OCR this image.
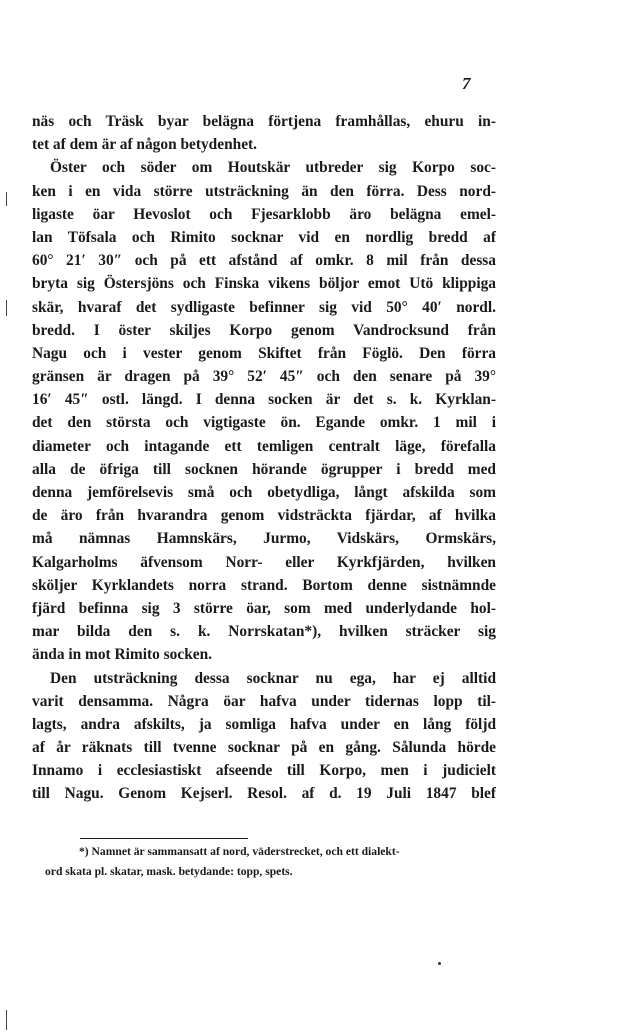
7
näs och Träsk byar belägna förtjena framhållas, ehuru in-
tet af dem är af någon betydenhet.
Öster och söder om Houtskär utbreder sig Korpo soc-
ken i en vida större utsträckning än den förra. Dess nord-
ligaste öar Hevoslot och Fjesarklobb äro belägna emel-
lan Töfsala och Rimito socknar vid en nordlig bredd af
60° 21′ 30″ och på ett afstånd af omkr. 8 mil från dessa
bryta sig Östersjöns och Finska vikens böljor emot Utö klippiga
skär, hvaraf det sydligaste befinner sig vid 50° 40′ nordl.
bredd. I öster skiljes Korpo genom Vandrocksund från
Nagu och i vester genom Skiftet från Föglö. Den förra
gränsen är dragen på 39° 52′ 45″ och den senare på 39°
16′ 45″ ostl. längd. I denna socken är det s. k. Kyrklan-
det den största och vigtigaste ön. Egande omkr. 1 mil i
diameter och intagande ett temligen centralt läge, förefalla
alla de öfriga till socknen hörande ögrupper i bredd med
denna jemförelsevis små och obetydliga, långt afskilda som
de äro från hvarandra genom vidsträckta fjärdar, af hvilka
må nämnas Hamnskärs, Jurmo, Vidskärs, Ormskärs,
Kalgarholms äfvensom Norr- eller Kyrkfjärden, hvilken
sköljer Kyrklandets norra strand. Bortom denne sistnämnde
fjärd befinna sig 3 större öar, som med underlydande hol-
mar bilda den s. k. Norrskatan*), hvilken sträcker sig
ända in mot Rimito socken.
Den utsträckning dessa socknar nu ega, har ej alltid
varit densamma. Några öar hafva under tidernas lopp til-
lagts, andra afskilts, ja somliga hafva under en lång följd
af år räknats till tvenne socknar på en gång. Sålunda hörde
Innamo i ecclesiastiskt afseende till Korpo, men i judicielt
till Nagu. Genom Kejserl. Resol. af d. 19 Juli 1847 blef
*) Namnet är sammansatt af nord, väderstrecket, och ett dialekt-
ord skata pl. skatar, mask. betydande: topp, spets.
